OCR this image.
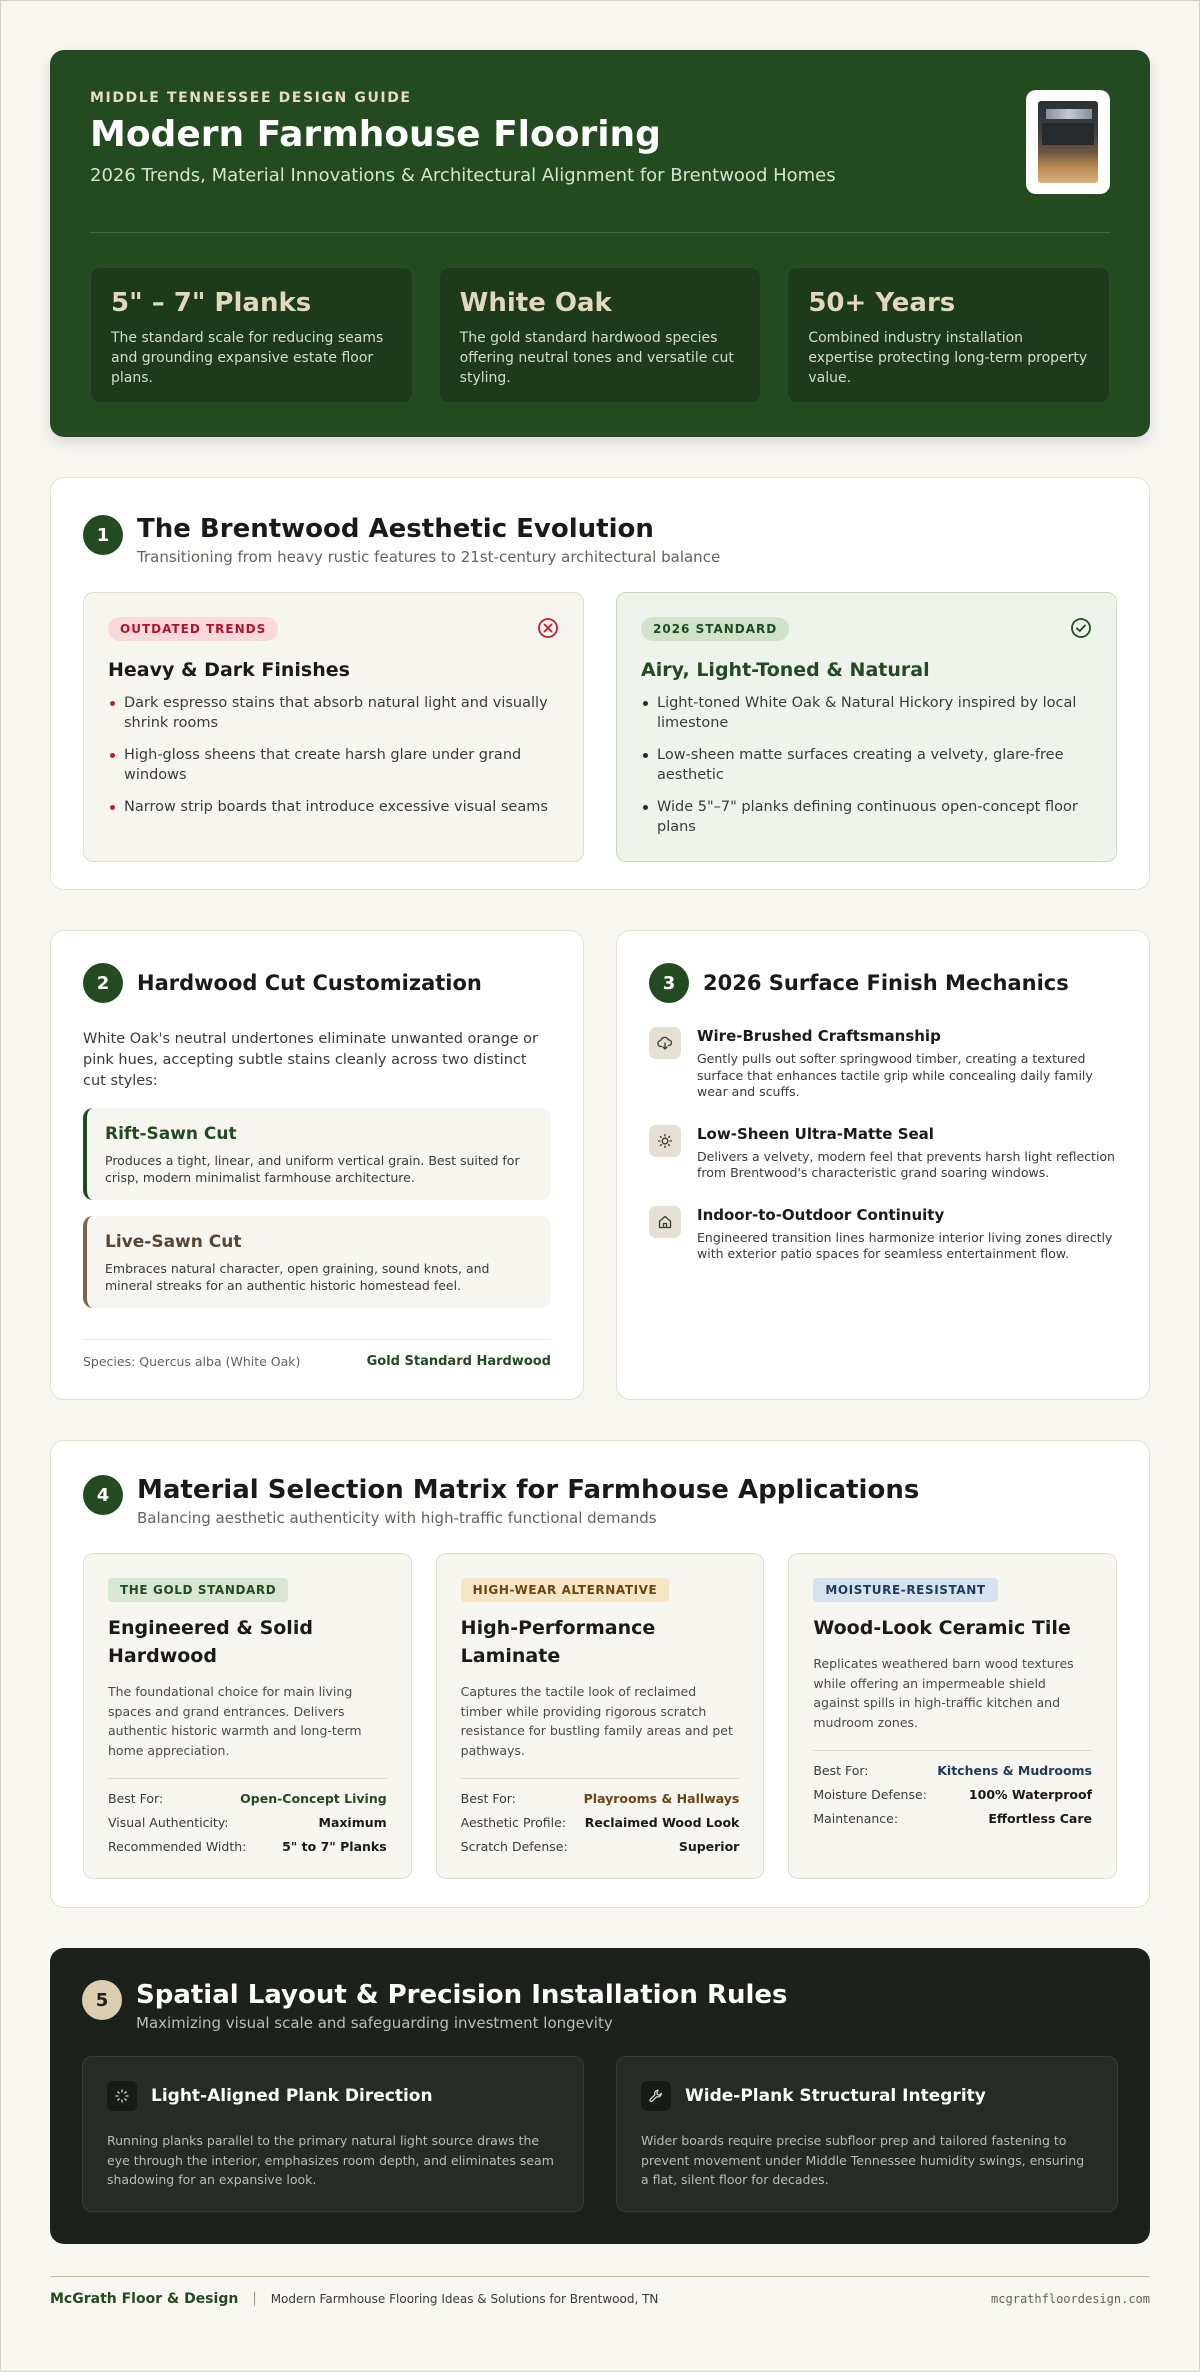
MIDDLE TENNESSEE DESIGN GUIDE
Modern Farmhouse Flooring
2026 Trends, Material Innovations & Architectural Alignment for Brentwood Homes
5" – 7" Planks
The standard scale for reducing seams and grounding expansive estate floor plans.
White Oak
The gold standard hardwood species offering neutral tones and versatile cut styling.
50+ Years
Combined industry installation expertise protecting long-term property value.
1	The Brentwood Aesthetic Evolution
Transitioning from heavy rustic features to 21st-century architectural balance
OUTDATED TRENDS
Heavy & Dark Finishes
Dark espresso stains that absorb natural light and visually shrink rooms
High-gloss sheens that create harsh glare under grand windows
Narrow strip boards that introduce excessive visual seams
2026 STANDARD
Airy, Light-Toned & Natural
Light-toned White Oak & Natural Hickory inspired by local limestone
Low-sheen matte surfaces creating a velvety, glare-free aesthetic
Wide 5"–7" planks defining continuous open-concept floor plans
2	Hardwood Cut Customization

White Oak's neutral undertones eliminate unwanted orange or pink hues, accepting subtle stains cleanly across two distinct cut styles:

Rift-Sawn Cut
Produces a tight, linear, and uniform vertical grain. Best suited for crisp, modern minimalist farmhouse architecture.
Live-Sawn Cut
Embraces natural character, open graining, sound knots, and mineral streaks for an authentic historic homestead feel.
Species: Quercus alba (White Oak)	Gold Standard Hardwood
3	2026 Surface Finish Mechanics
Wire-Brushed Craftsmanship
Gently pulls out softer springwood timber, creating a textured surface that enhances tactile grip while concealing daily family wear and scuffs.
Low-Sheen Ultra-Matte Seal
Delivers a velvety, modern feel that prevents harsh light reflection from Brentwood's characteristic grand soaring windows.
Indoor-to-Outdoor Continuity
Engineered transition lines harmonize interior living zones directly with exterior patio spaces for seamless entertainment flow.
4	Material Selection Matrix for Farmhouse Applications
Balancing aesthetic authenticity with high-traffic functional demands
THE GOLD STANDARD
Engineered & Solid Hardwood

The foundational choice for main living spaces and grand entrances. Delivers authentic historic warmth and long-term home appreciation.

Best For:	Open-Concept Living
Visual Authenticity:	Maximum
Recommended Width:	5" to 7" Planks
HIGH-WEAR ALTERNATIVE
High-Performance Laminate

Captures the tactile look of reclaimed timber while providing rigorous scratch resistance for bustling family areas and pet pathways.

Best For:	Playrooms & Hallways
Aesthetic Profile: Reclaimed Wood Look
Scratch Defense:	Superior
MOISTURE-RESISTANT
Wood-Look Ceramic Tile

Replicates weathered barn wood textures while offering an impermeable shield against spills in high-traffic kitchen and mudroom zones.

Best For:	Kitchens & Mudrooms
Moisture Defense:	100% Waterproof
Maintenance:	Effortless Care
5	Spatial Layout & Precision Installation Rules
Maximizing visual scale and safeguarding investment longevity
Light-Aligned Plank Direction

Running planks parallel to the primary natural light source draws the eye through the interior, emphasizes room depth, and eliminates seam shadowing for an expansive look.

Wide-Plank Structural Integrity

Wider boards require precise subfloor prep and tailored fastening to prevent movement under Middle Tennessee humidity swings, ensuring a flat, silent floor for decades.

McGrath Floor & Design | Modern Farmhouse Flooring Ideas & Solutions for Brentwood, TN	mcgrathfloordesign.com
